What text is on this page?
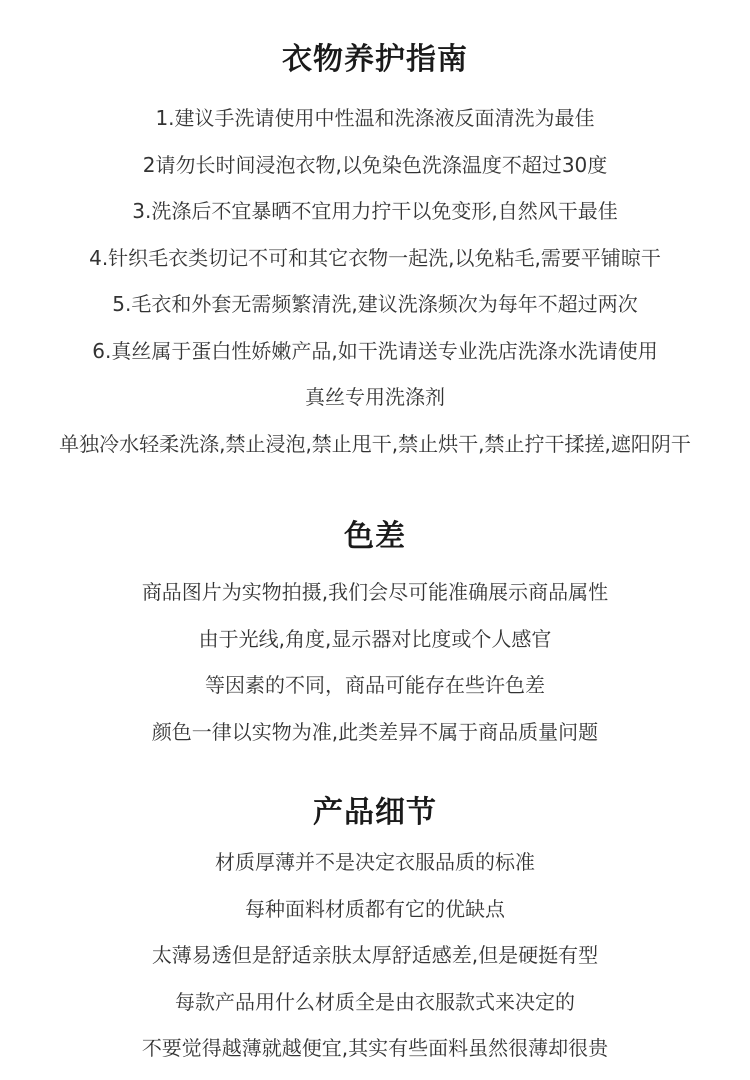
衣物养护指南
1.建议手洗请使用中性温和洗涤液反面清洗为最佳
2请勿长时间浸泡衣物,以免染色洗涤温度不超过30度
3.洗涤后不宜暴晒不宜用力拧干以免变形,自然风干最佳
4.针织毛衣类切记不可和其它衣物一起洗,以免粘毛,需要平铺晾干
5.毛衣和外套无需频繁清洗,建议洗涤频次为每年不超过两次
6.真丝属于蛋白性娇嫩产品,如干洗请送专业洗店洗涤水洗请使用
真丝专用洗涤剂
单独冷水轻柔洗涤,禁止浸泡,禁止甩干,禁止烘干,禁止拧干揉搓,遮阳阴干
色差
商品图片为实物拍摄,我们会尽可能准确展示商品属性
由于光线,角度,显示器对比度或个人感官
等因素的不同，商品可能存在些许色差
颜色一律以实物为准,此类差异不属于商品质量问题
产品细节
材质厚薄并不是决定衣服品质的标准
每种面料材质都有它的优缺点
太薄易透但是舒适亲肤太厚舒适感差,但是硬挺有型
每款产品用什么材质全是由衣服款式来决定的
不要觉得越薄就越便宜,其实有些面料虽然很薄却很贵
